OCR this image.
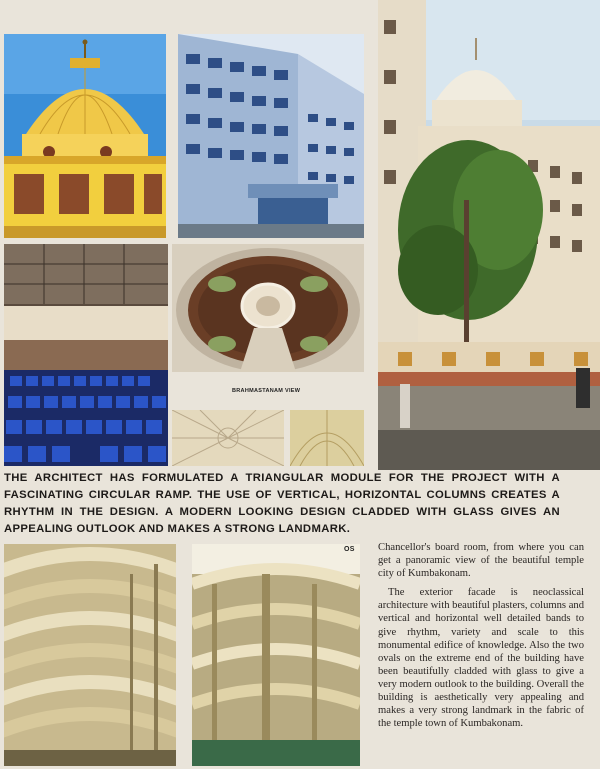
BRAHMASTANAM VIEW

THE ARCHITECT HAS FORMULATED A TRIANGULAR MODULE FOR THE PROJECT WITH A FASCINATING CIRCULAR RAMP. THE USE OF VERTICAL, HORIZONTAL COLUMNS CREATES A RHYTHM IN THE DESIGN. A MODERN LOOKING DESIGN CLADDED WITH GLASS GIVES AN APPEALING OUTLOOK AND MAKES A STRONG LANDMARK.

OS Chancellor's board room, from where you can get a panoramic view of the beautiful temple city of Kumbakonam.

The exterior facade is neoclassical architecture with beautiful plasters, columns and vertical and horizontal well detailed bands to give rhythm, variety and scale to this monumental edifice of knowledge. Also the two ovals on the extreme end of the building have been beautifully cladded with glass to give a very modern outlook to the building. Overall the building is aesthetically very appealing and makes a very strong landmark in the fabric of the temple town of Kumbakonam.
